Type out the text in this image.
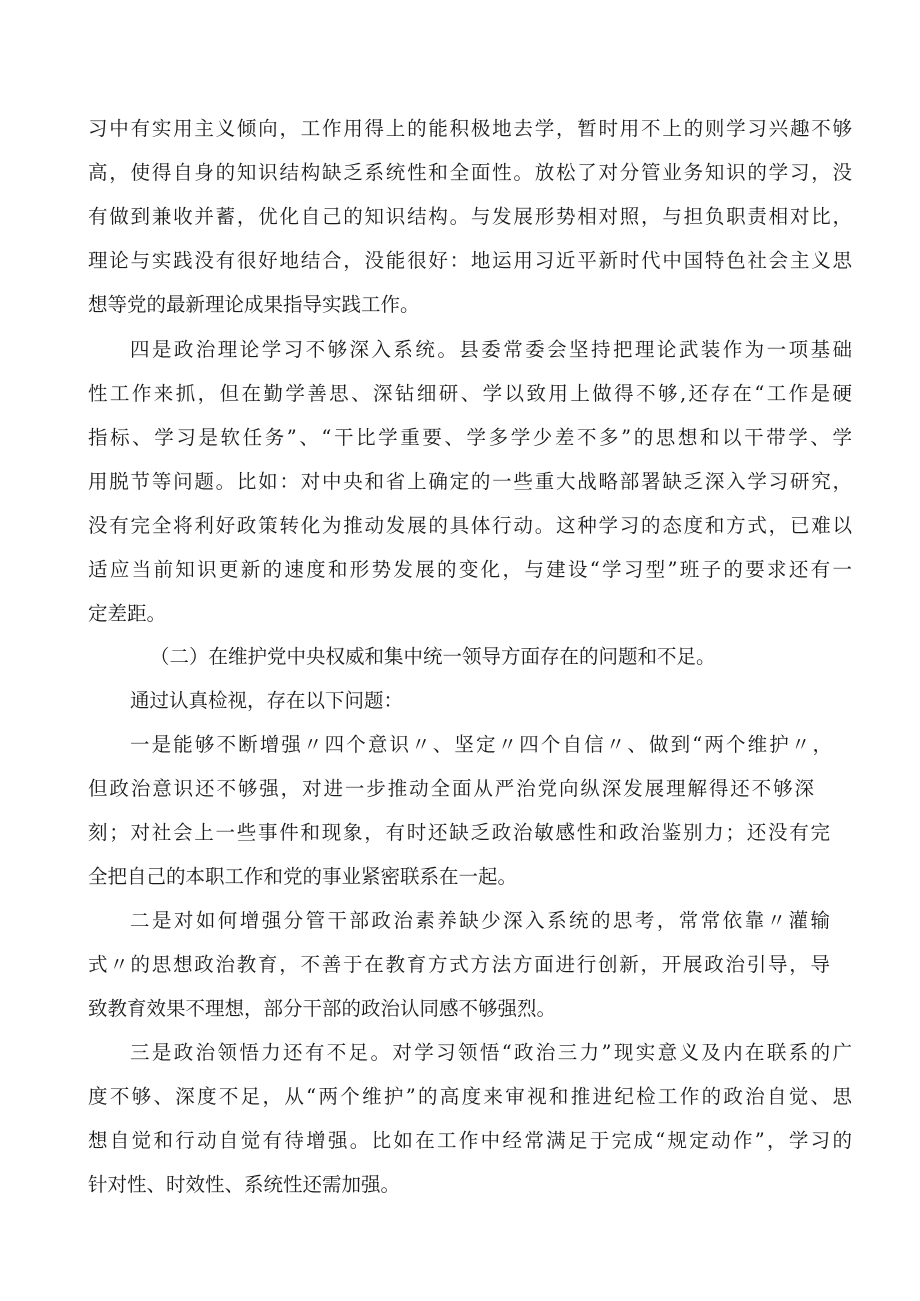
习中有实用主义倾向，工作用得上的能积极地去学，暂时用不上的则学习兴趣不够
高，使得自身的知识结构缺乏系统性和全面性。放松了对分管业务知识的学习，没
有做到兼收并蓄，优化自己的知识结构。与发展形势相对照，与担负职责相对比，
理论与实践没有很好地结合，没能很好：地运用习近平新时代中国特色社会主义思
想等党的最新理论成果指导实践工作。
四是政治理论学习不够深入系统。县委常委会坚持把理论武装作为一项基础
性工作来抓，但在勤学善思、深钻细研、学以致用上做得不够,还存在“工作是硬
指标、学习是软任务”、“干比学重要、学多学少差不多”的思想和以干带学、学
用脱节等问题。比如：对中央和省上确定的一些重大战略部署缺乏深入学习研究，
没有完全将利好政策转化为推动发展的具体行动。这种学习的态度和方式，已难以
适应当前知识更新的速度和形势发展的变化，与建设“学习型”班子的要求还有一
定差距。
（二）在维护党中央权威和集中统一领导方面存在的问题和不足。
通过认真检视，存在以下问题：
一是能够不断增强〃四个意识〃、坚定〃四个自信〃、做到“两个维护〃，
但政治意识还不够强，对进一步推动全面从严治党向纵深发展理解得还不够深
刻；对社会上一些事件和现象，有时还缺乏政治敏感性和政治鉴别力；还没有完
全把自己的本职工作和党的事业紧密联系在一起。
二是对如何增强分管干部政治素养缺少深入系统的思考，常常依靠〃灌输
式〃的思想政治教育，不善于在教育方式方法方面进行创新，开展政治引导，导
致教育效果不理想，部分干部的政治认同感不够强烈。
三是政治领悟力还有不足。对学习领悟“政治三力”现实意义及内在联系的广
度不够、深度不足，从“两个维护”的高度来审视和推进纪检工作的政治自觉、思
想自觉和行动自觉有待增强。比如在工作中经常满足于完成“规定动作”，学习的
针对性、时效性、系统性还需加强。
